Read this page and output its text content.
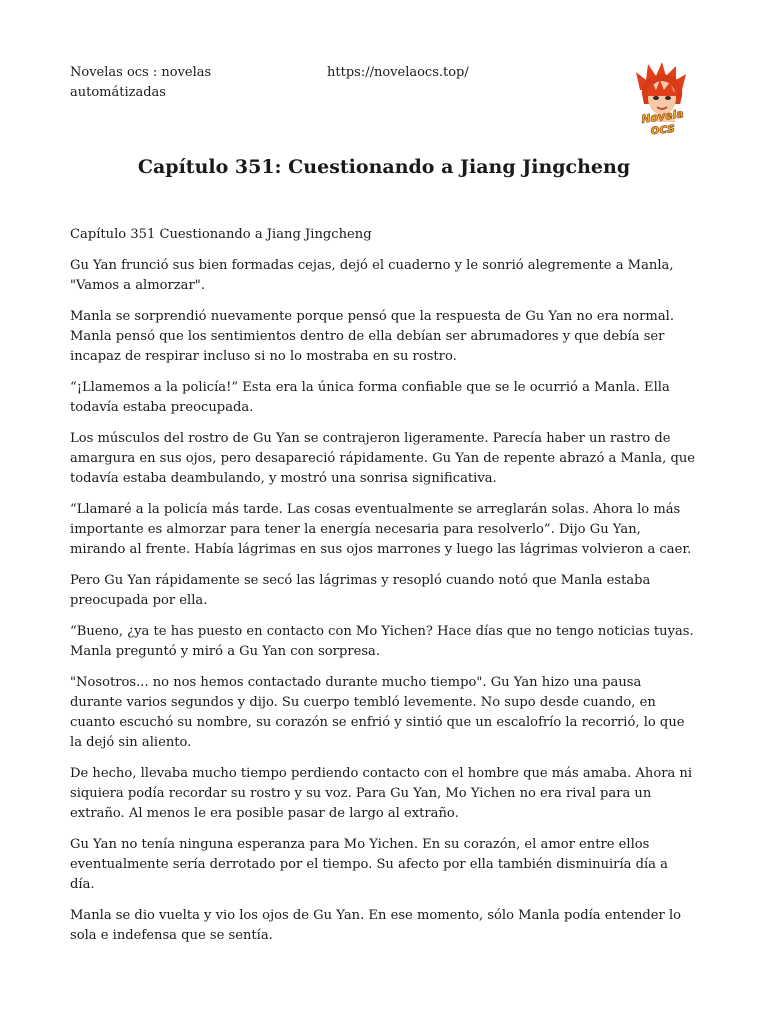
Novelas ocs : novelas automátizadas
https://novelaocs.top/
Novela
ocs
Capítulo 351: Cuestionando a Jiang Jingcheng

Capítulo 351 Cuestionando a Jiang Jingcheng

Gu Yan frunció sus bien formadas cejas, dejó el cuaderno y le sonrió alegremente a Manla, "Vamos a almorzar".

Manla se sorprendió nuevamente porque pensó que la respuesta de Gu Yan no era normal. Manla pensó que los sentimientos dentro de ella debían ser abrumadores y que debía ser incapaz de respirar incluso si no lo mostraba en su rostro.

“¡Llamemos a la policía!” Esta era la única forma confiable que se le ocurrió a Manla. Ella todavía estaba preocupada.

Los músculos del rostro de Gu Yan se contrajeron ligeramente. Parecía haber un rastro de amargura en sus ojos, pero desapareció rápidamente. Gu Yan de repente abrazó a Manla, que todavía estaba deambulando, y mostró una sonrisa significativa.

“Llamaré a la policía más tarde. Las cosas eventualmente se arreglarán solas. Ahora lo más importante es almorzar para tener la energía necesaria para resolverlo”. Dijo Gu Yan, mirando al frente. Había lágrimas en sus ojos marrones y luego las lágrimas volvieron a caer.

Pero Gu Yan rápidamente se secó las lágrimas y resopló cuando notó que Manla estaba preocupada por ella.

“Bueno, ¿ya te has puesto en contacto con Mo Yichen? Hace días que no tengo noticias tuyas. Manla preguntó y miró a Gu Yan con sorpresa.

"Nosotros... no nos hemos contactado durante mucho tiempo". Gu Yan hizo una pausa durante varios segundos y dijo. Su cuerpo tembló levemente. No supo desde cuando, en cuanto escuchó su nombre, su corazón se enfrió y sintió que un escalofrío la recorrió, lo que la dejó sin aliento.

De hecho, llevaba mucho tiempo perdiendo contacto con el hombre que más amaba. Ahora ni siquiera podía recordar su rostro y su voz. Para Gu Yan, Mo Yichen no era rival para un extraño. Al menos le era posible pasar de largo al extraño.

Gu Yan no tenía ninguna esperanza para Mo Yichen. En su corazón, el amor entre ellos eventualmente sería derrotado por el tiempo. Su afecto por ella también disminuiría día a día.

Manla se dio vuelta y vio los ojos de Gu Yan. En ese momento, sólo Manla podía entender lo sola e indefensa que se sentía.
